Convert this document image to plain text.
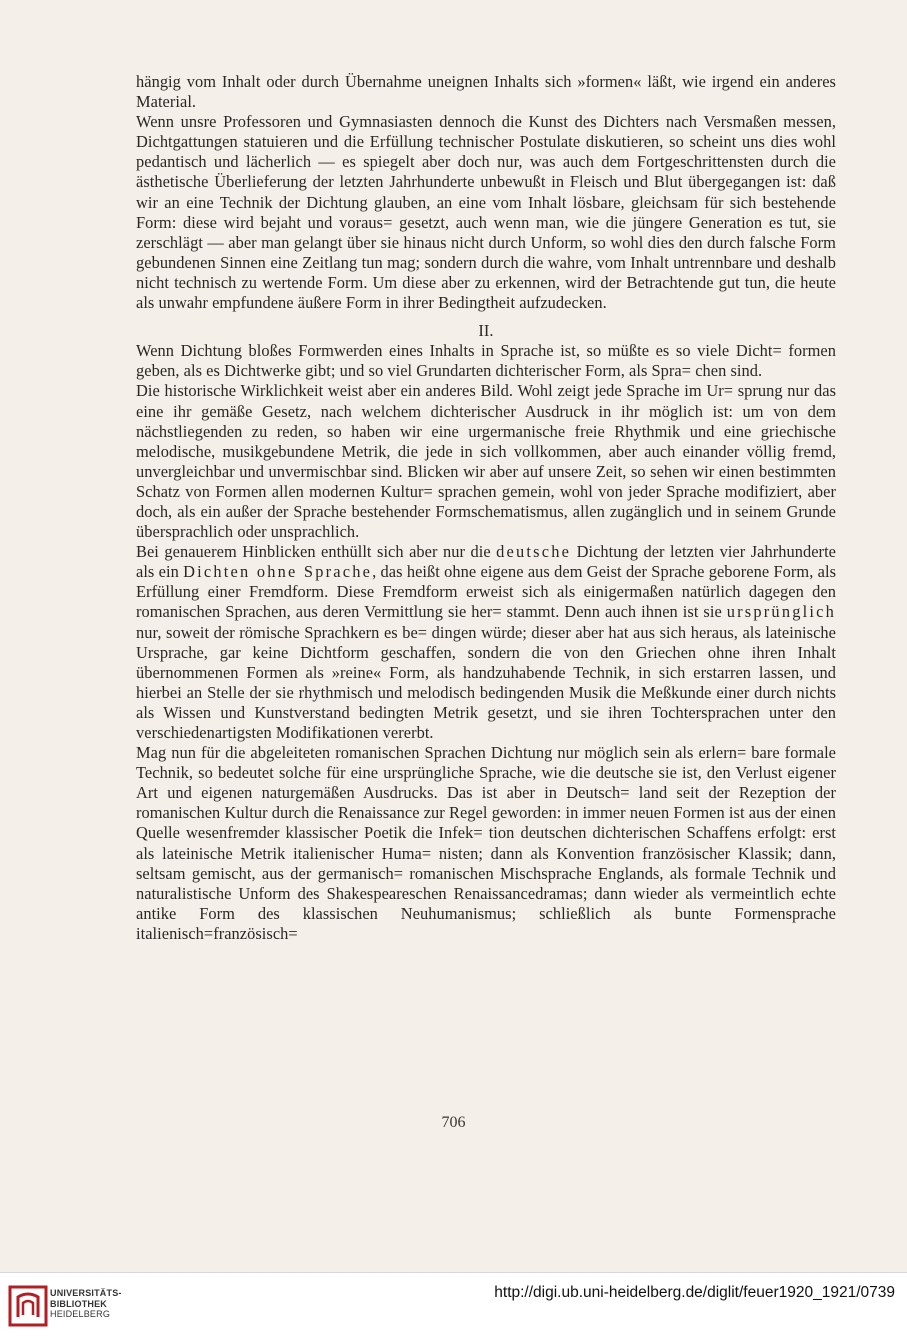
hängig vom Inhalt oder durch Übernahme uneignen Inhalts sich »formen« läßt, wie irgend ein anderes Material.

Wenn unsre Professoren und Gymnasiasten dennoch die Kunst des Dichters nach Versmaßen messen, Dichtgattungen statuieren und die Erfüllung technischer Postulate diskutieren, so scheint uns dies wohl pedantisch und lächerlich — es spiegelt aber doch nur, was auch dem Fortgeschrittensten durch die ästhetische Überlieferung der letzten Jahrhunderte unbewußt in Fleisch und Blut übergegangen ist: daß wir an eine Technik der Dichtung glauben, an eine vom Inhalt lösbare, gleichsam für sich bestehende Form: diese wird bejaht und voraus= gesetzt, auch wenn man, wie die jüngere Generation es tut, sie zerschlägt — aber man gelangt über sie hinaus nicht durch Unform, so wohl dies den durch falsche Form gebundenen Sinnen eine Zeitlang tun mag; sondern durch die wahre, vom Inhalt untrennbare und deshalb nicht technisch zu wertende Form. Um diese aber zu erkennen, wird der Betrachtende gut tun, die heute als unwahr empfundene äußere Form in ihrer Bedingtheit aufzudecken.

II.

Wenn Dichtung bloßes Formwerden eines Inhalts in Sprache ist, so müßte es so viele Dicht= formen geben, als es Dichtwerke gibt; und so viel Grundarten dichterischer Form, als Spra= chen sind.

Die historische Wirklichkeit weist aber ein anderes Bild. Wohl zeigt jede Sprache im Ur= sprung nur das eine ihr gemäße Gesetz, nach welchem dichterischer Ausdruck in ihr möglich ist: um von dem nächstliegenden zu reden, so haben wir eine urgermanische freie Rhythmik und eine griechische melodische, musikgebundene Metrik, die jede in sich vollkommen, aber auch einander völlig fremd, unvergleichbar und unvermischbar sind. Blicken wir aber auf unsere Zeit, so sehen wir einen bestimmten Schatz von Formen allen modernen Kultur= sprachen gemein, wohl von jeder Sprache modifiziert, aber doch, als ein außer der Sprache bestehender Formschematismus, allen zugänglich und in seinem Grunde übersprachlich oder unsprachlich.

Bei genauerem Hinblicken enthüllt sich aber nur die deutsche Dichtung der letzten vier Jahrhunderte als ein Dichten ohne Sprache, das heißt ohne eigene aus dem Geist der Sprache geborene Form, als Erfüllung einer Fremdform. Diese Fremdform erweist sich als einigermaßen natürlich dagegen den romanischen Sprachen, aus deren Vermittlung sie her= stammt. Denn auch ihnen ist sie ursprünglich nur, soweit der römische Sprachkern es be= dingen würde; dieser aber hat aus sich heraus, als lateinische Ursprache, gar keine Dichtform geschaffen, sondern die von den Griechen ohne ihren Inhalt übernommenen Formen als »reine« Form, als handzuhabende Technik, in sich erstarren lassen, und hierbei an Stelle der sie rhythmisch und melodisch bedingenden Musik die Meßkunde einer durch nichts als Wissen und Kunstverstand bedingten Metrik gesetzt, und sie ihren Tochtersprachen unter den verschiedenartigsten Modifikationen vererbt.

Mag nun für die abgeleiteten romanischen Sprachen Dichtung nur möglich sein als erlern= bare formale Technik, so bedeutet solche für eine ursprüngliche Sprache, wie die deutsche sie ist, den Verlust eigener Art und eigenen naturgemäßen Ausdrucks. Das ist aber in Deutsch= land seit der Rezeption der romanischen Kultur durch die Renaissance zur Regel geworden: in immer neuen Formen ist aus der einen Quelle wesenfremder klassischer Poetik die Infek= tion deutschen dichterischen Schaffens erfolgt: erst als lateinische Metrik italienischer Huma= nisten; dann als Konvention französischer Klassik; dann, seltsam gemischt, aus der germanisch= romanischen Mischsprache Englands, als formale Technik und naturalistische Unform des Shakespeareschen Renaissancedramas; dann wieder als vermeintlich echte antike Form des klassischen Neuhumanismus; schließlich als bunte Formensprache italienisch=französisch=

706
UNIVERSITÄTS-
BIBLIOTHEK
HEIDELBERG
http://digi.ub.uni-heidelberg.de/diglit/feuer1920_1921/0739
